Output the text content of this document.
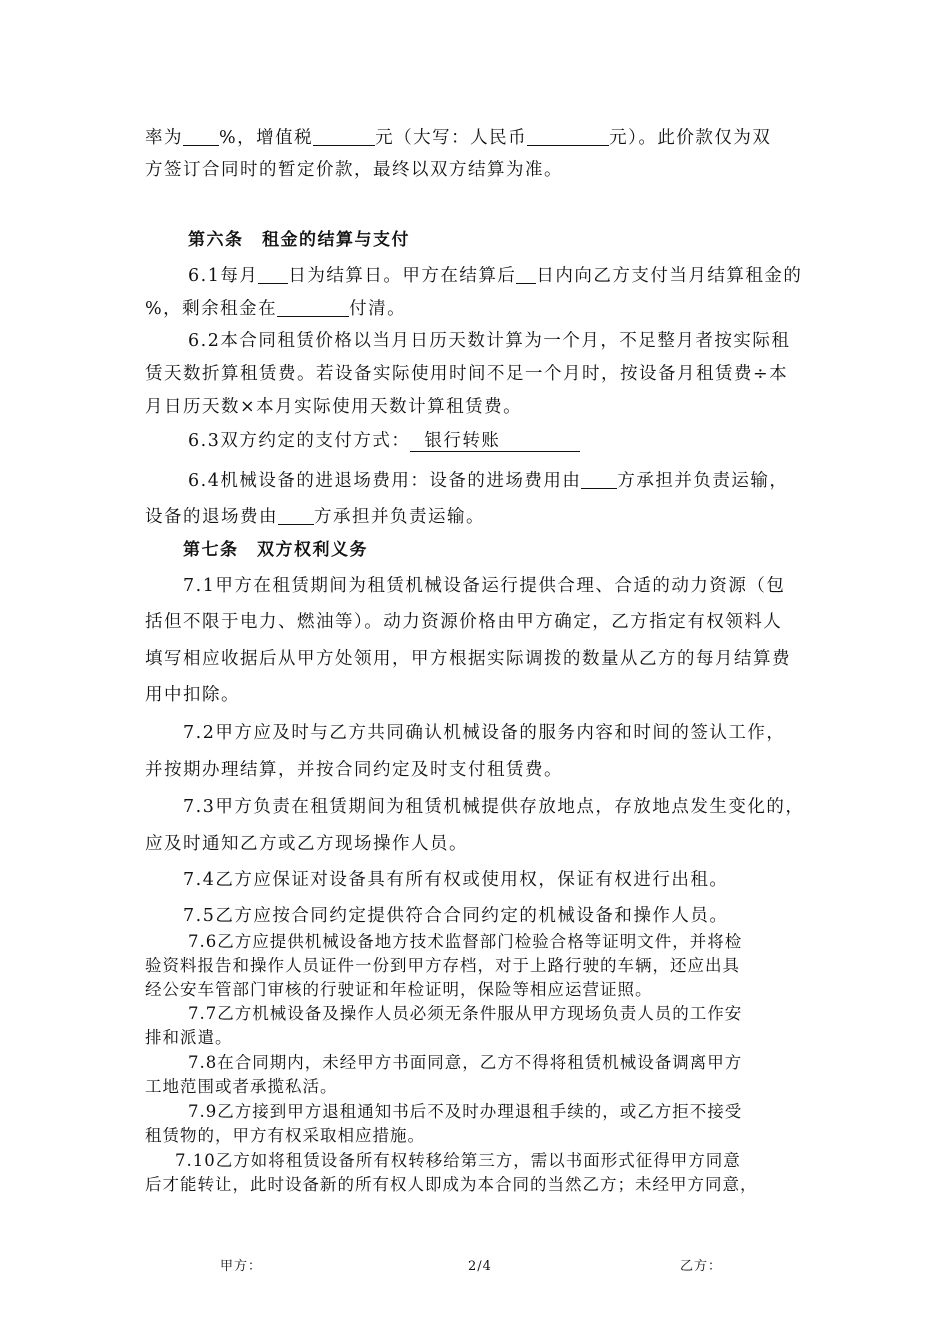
率为 %，增值税	元（大写：人民币	元）。此价款仅为双
方签订合同时的暂定价款，最终以双方结算为准。
第六条　租金的结算与支付
6.1每月 日为结算日。甲方在结算后 日内向乙方支付当月结算租金的
%，剩余租金在	付清。
6.2本合同租赁价格以当月日历天数计算为一个月，不足整月者按实际租
赁天数折算租赁费。若设备实际使用时间不足一个月时，按设备月租赁费÷本
月日历天数×本月实际使用天数计算租赁费。
6.3双方约定的支付方式： 银行转账
6.4机械设备的进退场费用：设备的进场费用由 方承担并负责运输，
设备的退场费由 方承担并负责运输。
第七条　双方权利义务
7.1甲方在租赁期间为租赁机械设备运行提供合理、合适的动力资源（包
括但不限于电力、燃油等）。动力资源价格由甲方确定，乙方指定有权领料人
填写相应收据后从甲方处领用，甲方根据实际调拨的数量从乙方的每月结算费
用中扣除。
7.2甲方应及时与乙方共同确认机械设备的服务内容和时间的签认工作，
并按期办理结算，并按合同约定及时支付租赁费。
7.3甲方负责在租赁期间为租赁机械提供存放地点，存放地点发生变化的，
应及时通知乙方或乙方现场操作人员。
7.4乙方应保证对设备具有所有权或使用权，保证有权进行出租。
7.5乙方应按合同约定提供符合合同约定的机械设备和操作人员。
7.6乙方应提供机械设备地方技术监督部门检验合格等证明文件，并将检
验资料报告和操作人员证件一份到甲方存档，对于上路行驶的车辆，还应出具
经公安车管部门审核的行驶证和年检证明，保险等相应运营证照。
7.7乙方机械设备及操作人员必须无条件服从甲方现场负责人员的工作安
排和派遣。
7.8在合同期内，未经甲方书面同意，乙方不得将租赁机械设备调离甲方
工地范围或者承揽私活。
7.9乙方接到甲方退租通知书后不及时办理退租手续的，或乙方拒不接受
租赁物的，甲方有权采取相应措施。
7.10乙方如将租赁设备所有权转移给第三方，需以书面形式征得甲方同意
后才能转让，此时设备新的所有权人即成为本合同的当然乙方；未经甲方同意，
甲方：	2/4	乙方：
